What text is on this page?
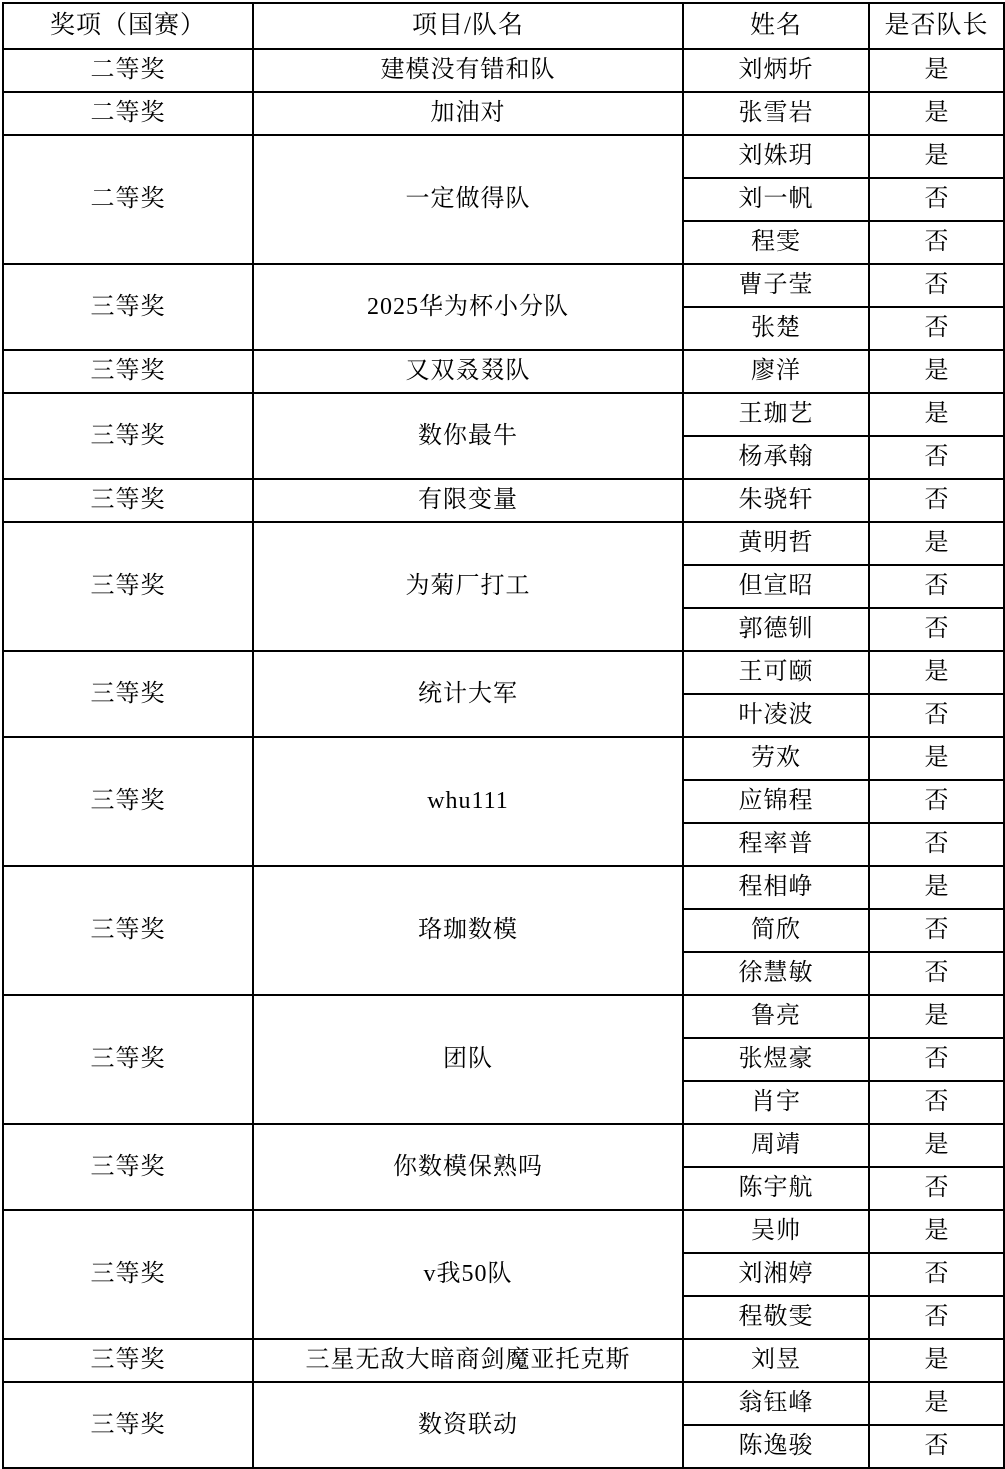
奖项（国赛）	项目/队名	姓名	是否队长
二等奖	建模没有错和队	刘炳圻	是
二等奖	加油对	张雪岩	是
二等奖	一定做得队	刘姝玥	是
		刘一帆	否
		程雯	否
三等奖	2025华为杯小分队	曹子莹	否
		张楚	否
三等奖	又双叒叕队	廖洋	是
三等奖	数你最牛	王珈艺	是
		杨承翰	否
三等奖	有限变量	朱骁轩	否
三等奖	为菊厂打工	黄明哲	是
		但宣昭	否
		郭德钏	否
三等奖	统计大军	王可颐	是
		叶凌波	否
三等奖	whu111	劳欢	是
		应锦程	否
		程率普	否
三等奖	珞珈数模	程相峥	是
		简欣	否
		徐慧敏	否
三等奖	团队	鲁亮	是
		张煜豪	否
		肖宇	否
三等奖	你数模保熟吗	周靖	是
		陈宇航	否
三等奖	v我50队	吴帅	是
		刘湘婷	否
		程敬雯	否
三等奖	三星无敌大暗商剑魔亚托克斯	刘昱	是
三等奖	数资联动	翁钰峰	是
		陈逸骏	否
